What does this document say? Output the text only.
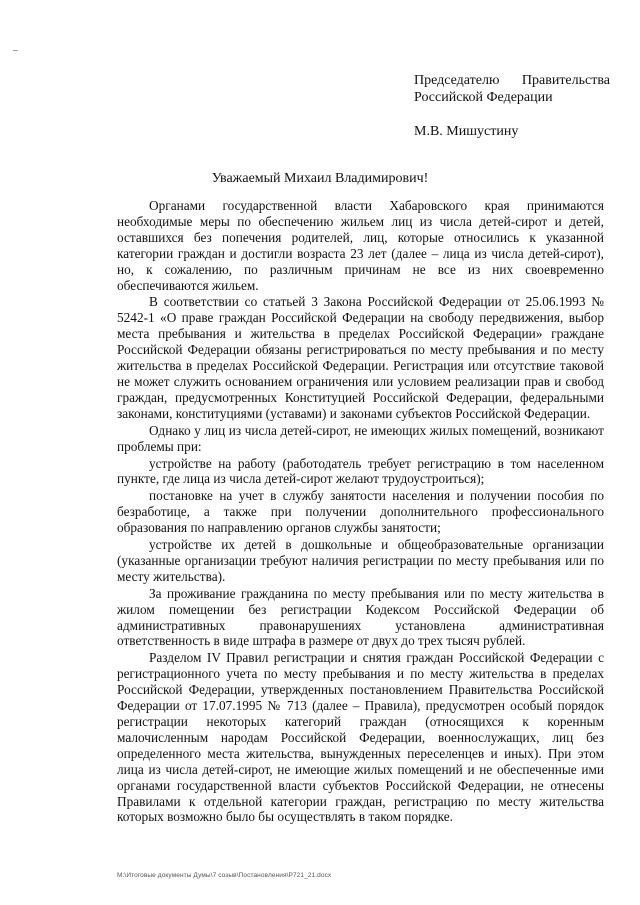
Председателю Правительства
Российской Федерации
М.В. Мишустину
Уважаемый Михаил Владимирович!

Органами государственной власти Хабаровского края принимаются необходимые меры по обеспечению жильем лиц из числа детей-сирот и детей, оставшихся без попечения родителей, лиц, которые относились к указанной категории граждан и достигли возраста 23 лет (далее – лица из числа детей-сирот), но, к сожалению, по различным причинам не все из них своевременно обеспечиваются жильем.

В соответствии со статьей 3 Закона Российской Федерации от 25.06.1993 № 5242-1 «О праве граждан Российской Федерации на свободу передвижения, выбор места пребывания и жительства в пределах Российской Федерации» граждане Российской Федерации обязаны регистрироваться по месту пребывания и по месту жительства в пределах Российской Федерации. Регистрация или отсутствие таковой не может служить основанием ограничения или условием реализации прав и свобод граждан, предусмотренных Конституцией Российской Федерации, федеральными законами, конституциями (уставами) и законами субъектов Российской Федерации.

Однако у лиц из числа детей-сирот, не имеющих жилых помещений, возникают проблемы при:

устройстве на работу (работодатель требует регистрацию в том населенном пункте, где лица из числа детей-сирот желают трудоустроиться);

постановке на учет в службу занятости населения и получении пособия по безработице, а также при получении дополнительного профессионального образования по направлению органов службы занятости;

устройстве их детей в дошкольные и общеобразовательные организации (указанные организации требуют наличия регистрации по месту пребывания или по месту жительства).

За проживание гражданина по месту пребывания или по месту жительства в жилом помещении без регистрации Кодексом Российской Федерации об административных правонарушениях установлена административная ответственность в виде штрафа в размере от двух до трех тысяч рублей.

Разделом IV Правил регистрации и снятия граждан Российской Федерации с регистрационного учета по месту пребывания и по месту жительства в пределах Российской Федерации, утвержденных постановлением Правительства Российской Федерации от 17.07.1995 № 713 (далее – Правила), предусмотрен особый порядок регистрации некоторых категорий граждан (относящихся к коренным малочисленным народам Российской Федерации, военнослужащих, лиц без определенного места жительства, вынужденных переселенцев и иных). При этом лица из числа детей-сирот, не имеющие жилых помещений и не обеспеченные ими органами государственной власти субъектов Российской Федерации, не отнесены Правилами к отдельной категории граждан, регистрацию по месту жительства которых возможно было бы осуществлять в таком порядке.

M:\Итоговые документы Думы\7 созыв\Постановления\P721_21.docx
